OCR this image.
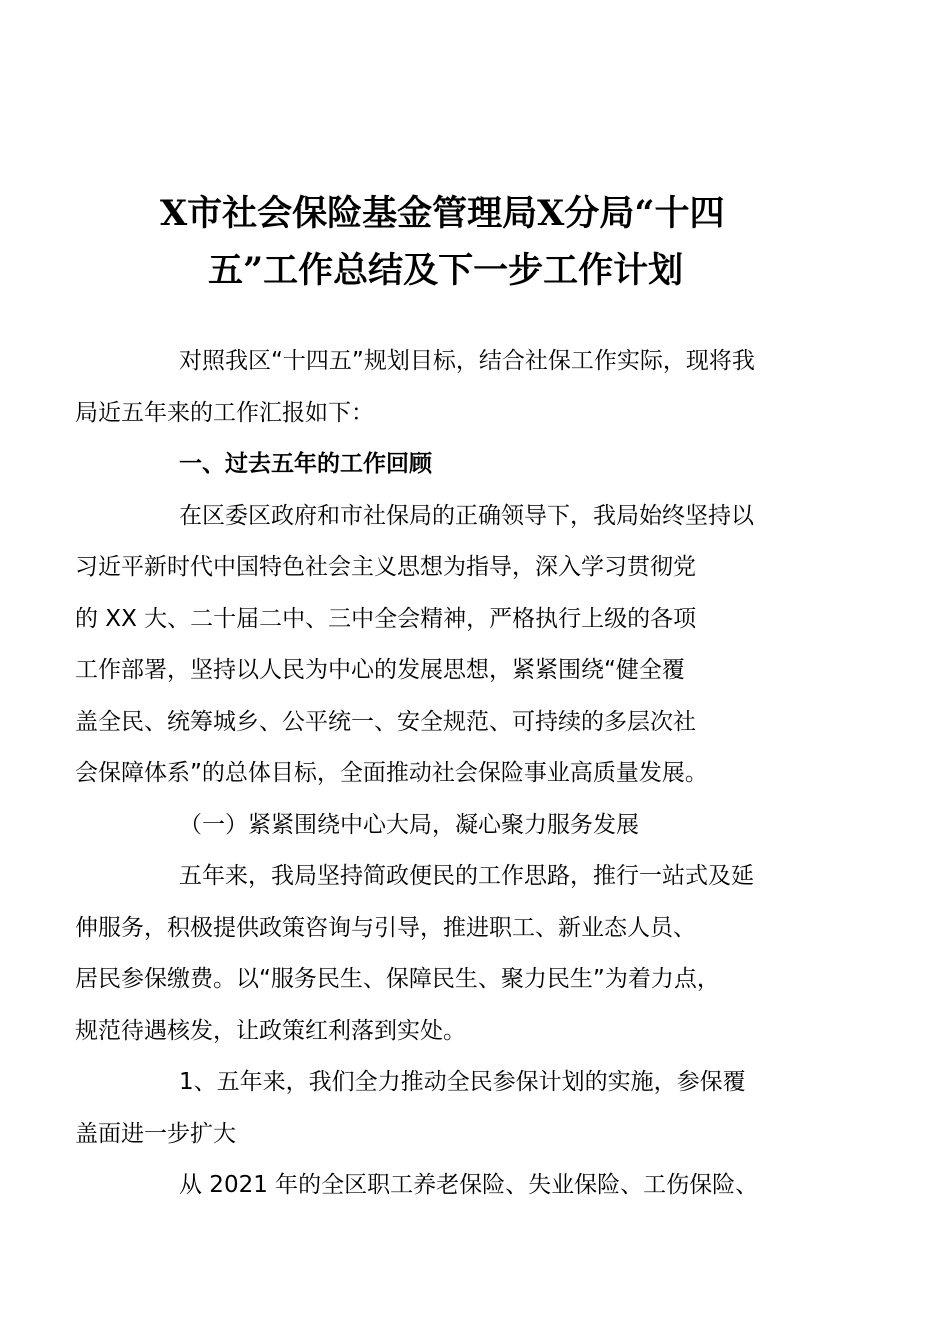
X市社会保险基金管理局X分局“十四
五”工作总结及下一步工作计划

对照我区“十四五”规划目标，结合社保工作实际，现将我
局近五年来的工作汇报如下：

一、过去五年的工作回顾

在区委区政府和市社保局的正确领导下，我局始终坚持以
习近平新时代中国特色社会主义思想为指导，深入学习贯彻党
的 XX 大、二十届二中、三中全会精神，严格执行上级的各项
工作部署，坚持以人民为中心的发展思想，紧紧围绕“健全覆
盖全民、统筹城乡、公平统一、安全规范、可持续的多层次社
会保障体系”的总体目标，全面推动社会保险事业高质量发展。

（一）紧紧围绕中心大局，凝心聚力服务发展

五年来，我局坚持简政便民的工作思路，推行一站式及延
伸服务，积极提供政策咨询与引导，推进职工、新业态人员、
居民参保缴费。以“服务民生、保障民生、聚力民生”为着力点，
规范待遇核发，让政策红利落到实处。

1、五年来，我们全力推动全民参保计划的实施，参保覆
盖面进一步扩大

从 2021 年的全区职工养老保险、失业保险、工伤保险、
